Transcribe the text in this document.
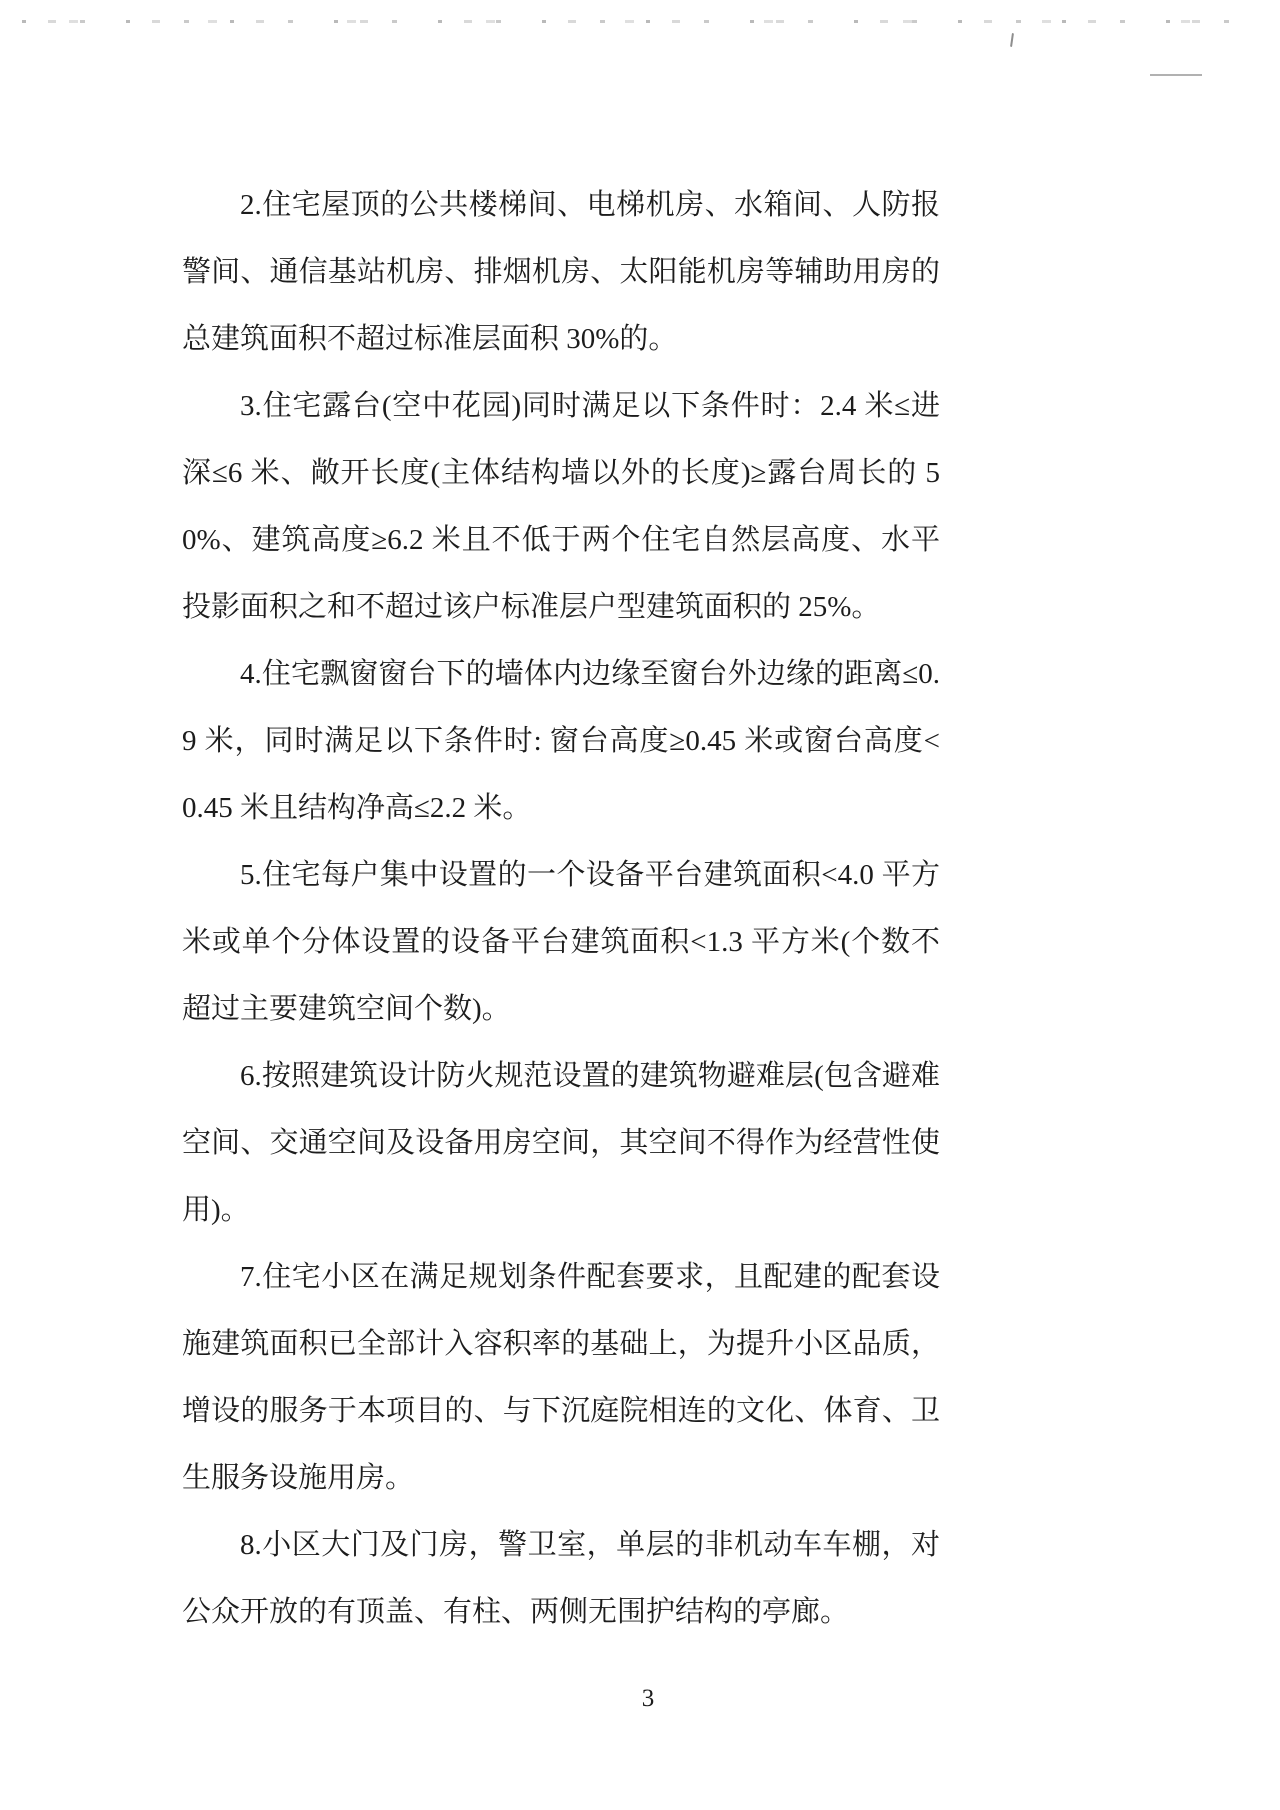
2.住宅屋顶的公共楼梯间、电梯机房、水箱间、人防报警间、通信基站机房、排烟机房、太阳能机房等辅助用房的总建筑面积不超过标准层面积 30%的。

3.住宅露台(空中花园)同时满足以下条件时：2.4 米≤进深≤6 米、敞开长度(主体结构墙以外的长度)≥露台周长的 50%、建筑高度≥6.2 米且不低于两个住宅自然层高度、水平投影面积之和不超过该户标准层户型建筑面积的 25%。

4.住宅飘窗窗台下的墙体内边缘至窗台外边缘的距离≤0.9 米，同时满足以下条件时: 窗台高度≥0.45 米或窗台高度<0.45 米且结构净高≤2.2 米。

5.住宅每户集中设置的一个设备平台建筑面积<4.0 平方米或单个分体设置的设备平台建筑面积<1.3 平方米(个数不超过主要建筑空间个数)。

6.按照建筑设计防火规范设置的建筑物避难层(包含避难空间、交通空间及设备用房空间，其空间不得作为经营性使用)。

7.住宅小区在满足规划条件配套要求，且配建的配套设施建筑面积已全部计入容积率的基础上，为提升小区品质，增设的服务于本项目的、与下沉庭院相连的文化、体育、卫生服务设施用房。

8.小区大门及门房，警卫室，单层的非机动车车棚，对公众开放的有顶盖、有柱、两侧无围护结构的亭廊。

3
